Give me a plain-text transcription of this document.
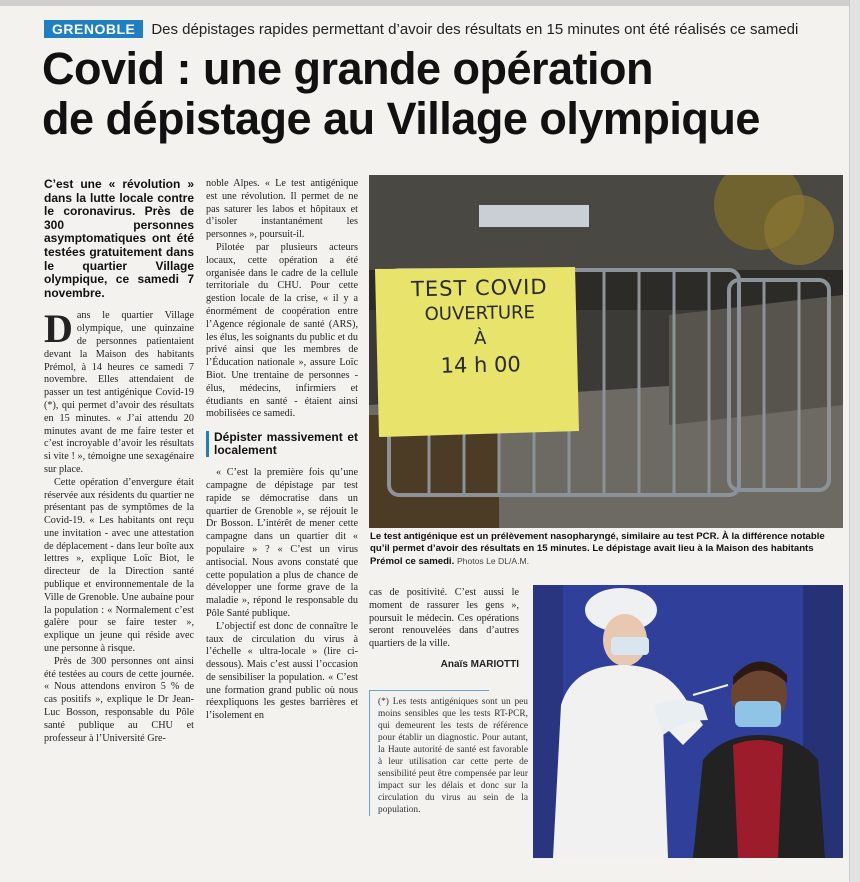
GRENOBLE	Des dépistages rapides permettant d’avoir des résultats en 15 minutes ont été réalisés ce samedi
Covid : une grande opération
de dépistage au Village olympique
C’est une « révolution » dans la lutte locale contre le coronavirus. Près de 300 personnes asymptomatiques ont été testées gratuitement dans le quartier Village olympique, ce samedi 7 novembre.

Dans le quartier Village olympique, une quinzaine de personnes patientaient devant la Maison des habitants Prémol, à 14 heures ce samedi 7 novembre. Elles attendaient de passer un test antigénique Covid-19 (*), qui permet d’avoir des résultats en 15 minutes. « J’ai attendu 20 minutes avant de me faire tester et c’est incroyable d’avoir les résultats si vite ! », témoigne une sexagénaire sur place.

Cette opération d’envergure était réservée aux résidents du quartier ne présentant pas de symptômes de la Covid-19. « Les habitants ont reçu une invitation - avec une attestation de déplacement - dans leur boîte aux lettres », explique Loïc Biot, le directeur de la Direction santé publique et environnementale de la Ville de Grenoble. Une aubaine pour la population : « Normalement c’est galère pour se faire tester », explique un jeune qui réside avec une personne à risque.

Près de 300 personnes ont ainsi été testées au cours de cette journée. « Nous attendons environ 5 % de cas positifs », explique le Dr Jean-Luc Bosson, responsable du Pôle santé publique au CHU et professeur à l’Université Gre-

noble Alpes. « Le test antigénique est une révolution. Il permet de ne pas saturer les labos et hôpitaux et d’isoler instantanément les personnes », poursuit-il.

Pilotée par plusieurs acteurs locaux, cette opération a été organisée dans le cadre de la cellule territoriale du CHU. Pour cette gestion locale de la crise, « il y a énormément de coopération entre l’Agence régionale de santé (ARS), les élus, les soignants du public et du privé ainsi que les membres de l’Éducation nationale », assure Loïc Biot. Une trentaine de personnes - élus, médecins, infirmiers et étudiants en santé - étaient ainsi mobilisées ce samedi.

Dépister massivement et localement

« C’est la première fois qu’une campagne de dépistage par test rapide se démocratise dans un quartier de Grenoble », se réjouit le Dr Bosson. L’intérêt de mener cette campagne dans un quartier dit « populaire » ? « C’est un virus antisocial. Nous avons constaté que cette population a plus de chance de développer une forme grave de la maladie », répond le responsable du Pôle Santé publique.

L’objectif est donc de connaître le taux de circulation du virus à l’échelle « ultra-locale » (lire ci-dessous). Mais c’est aussi l’occasion de sensibiliser la population. « C’est une formation grand public où nous réexpliquons les gestes barrières et l’isolement en

cas de positivité. C’est aussi le moment de rassurer les gens », poursuit le médecin. Ces opérations seront renouvelées dans d’autres quartiers de la ville.

Anaïs MARIOTTI
(*) Les tests antigéniques sont un peu moins sensibles que les tests RT-PCR, qui demeurent les tests de référence pour établir un diagnostic. Pour autant, la Haute autorité de santé est favorable à leur utilisation car cette perte de sensibilité peut être compensée par leur impact sur les délais et donc sur la circulation du virus au sein de la population.
TEST COVID
OUVERTURE
À
14 h 00
Le test antigénique est un prélèvement nasopharyngé, similaire au test PCR. À la différence notable qu’il permet d’avoir des résultats en 15 minutes. Le dépistage avait lieu à la Maison des habitants Prémol ce samedi. Photos Le DL/A.M.
